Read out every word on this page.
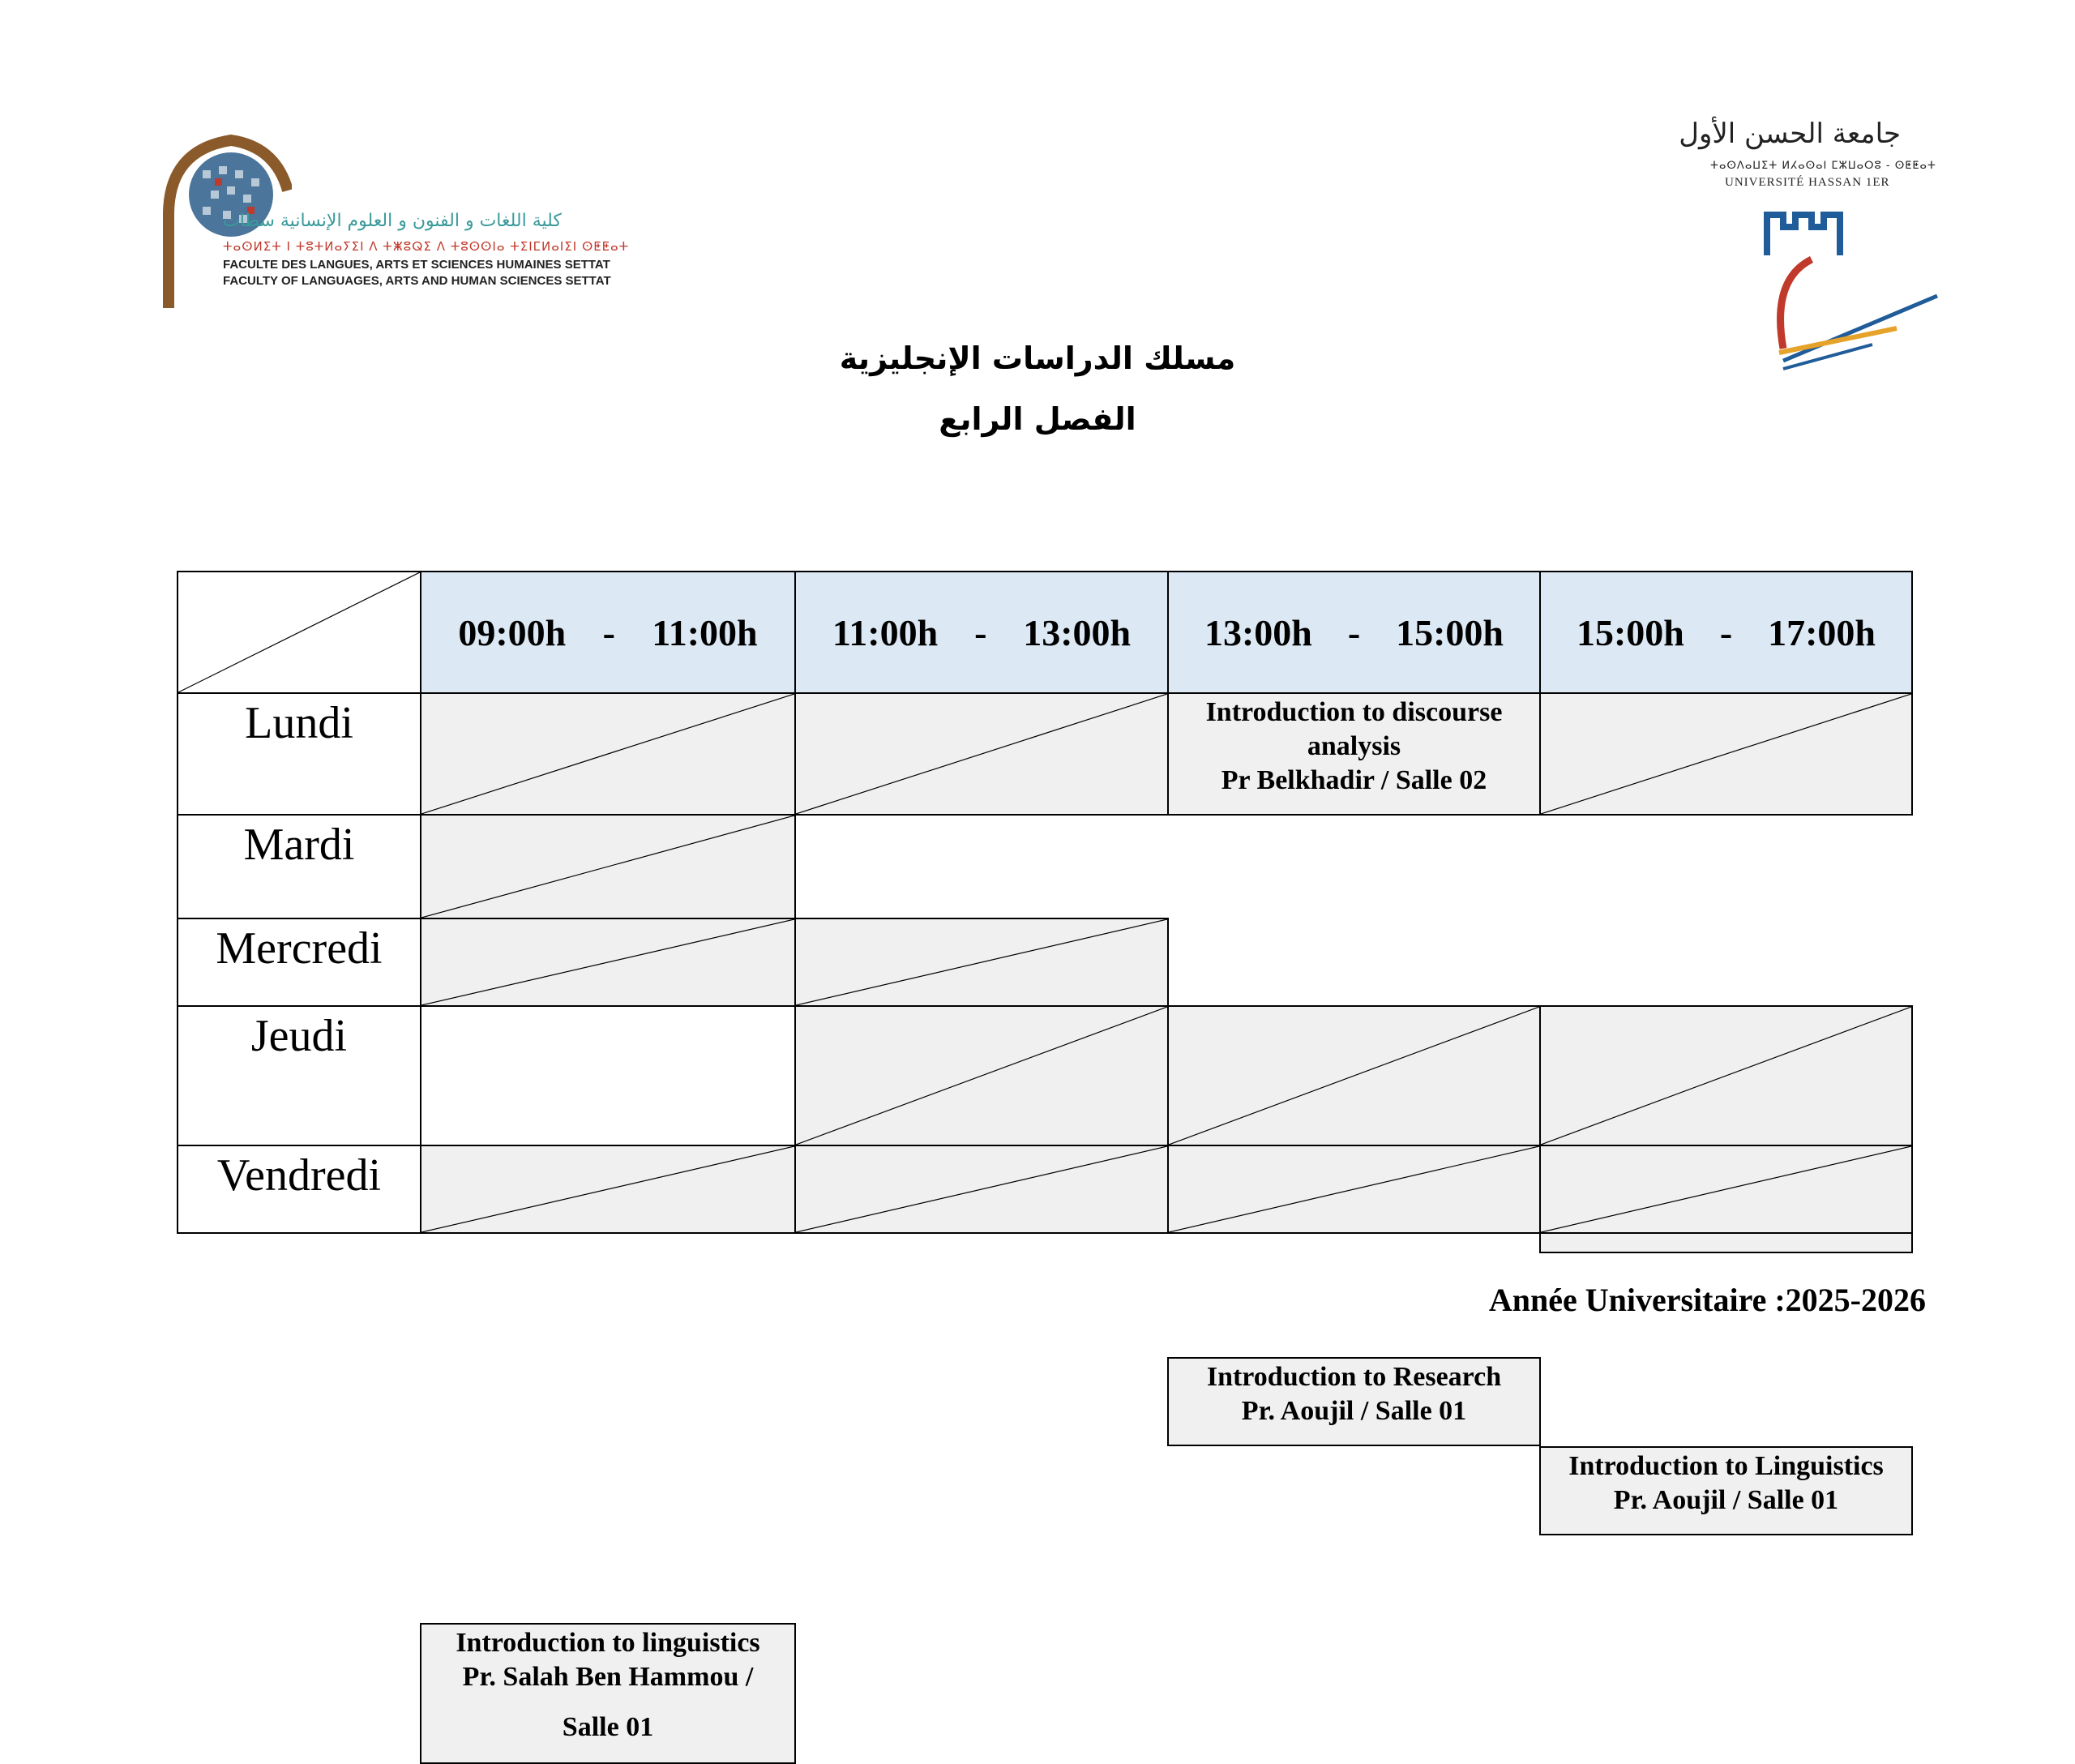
كلية اللغات و الفنون و العلوم الإنسانية سطات
ⵜⴰⵙⵍⵉⵜ ⵏ ⵜⵓⵜⵍⴰⵢⵉⵏ ⴷ ⵜⵥⵓⵕⵉ ⴷ ⵜⵓⵙⵙⵏⴰ ⵜⵉⵏⵎⵍⴰⵏⵉⵏ ⵙⵟⵟⴰⵜ
FACULTE DES LANGUES, ARTS ET SCIENCES HUMAINES SETTAT
FACULTY OF LANGUAGES, ARTS AND HUMAN SCIENCES SETTAT
جامعة الحسن الأول
ⵜⴰⵙⴷⴰⵡⵉⵜ ⵍⵃⴰⵙⴰⵏ ⵎⵣⵡⴰⵔⵓ - ⵙⵟⵟⴰⵜ
UNIVERSITÉ HASSAN 1ER
مسلك الدراسات الإنجليزية
الفصل الرابع
09:00h - 11:00h 11:00h - 13:00h 13:00h - 15:00h 15:00h - 17:00h
Lundi	Introduction to discourse
analysis
Pr Belkhadir / Salle 02
Mardi
Mercredi
Introduction to Research
Pr. Aoujil / Salle 01
Introduction to Linguistics
Pr. Aoujil / Salle 01
Jeudi
Introduction to linguistics
Pr. Salah Ben Hammou /
Salle 01
Vendredi
Année Universitaire :2025-2026
